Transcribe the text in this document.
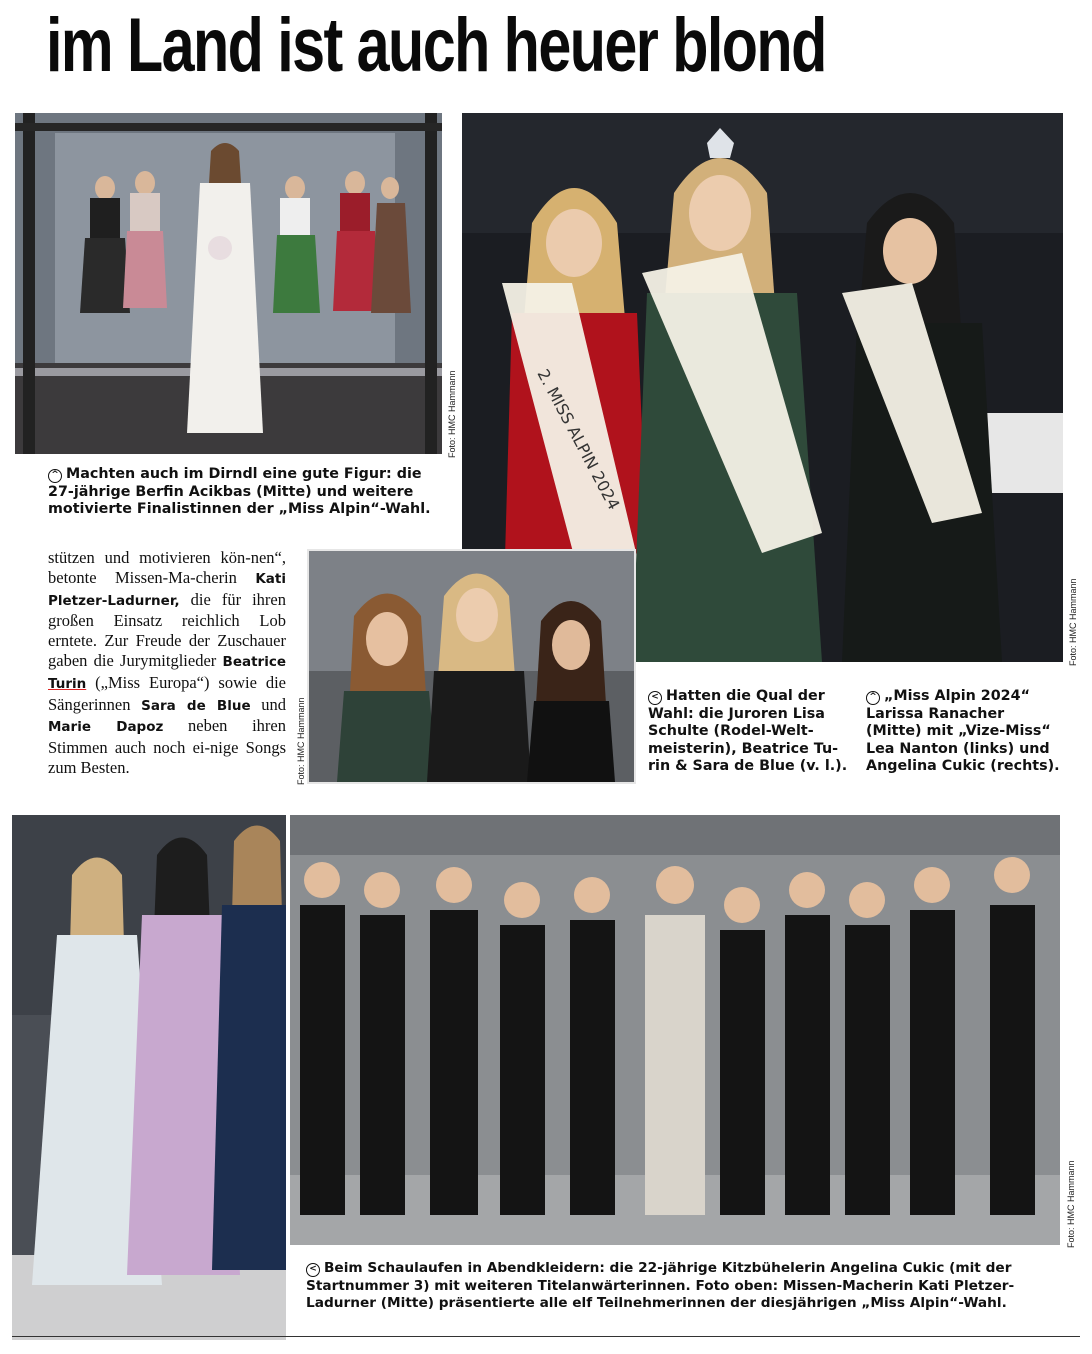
im Land ist auch heuer blond
Foto: HMC Hammann	2. MISS ALPIN 2024
Foto: HMC Hammann
^ Machten auch im Dirndl eine gute Figur: die
27-jährige Berfin Acikbas (Mitte) und weitere
motivierte Finalistinnen der „Miss Alpin“-Wahl.
stützen und motivieren kön-nen“, betonte Missen-Ma-cherin Kati Pletzer-Ladurner, die für ihren großen Einsatz reichlich Lob erntete. Zur Freude der Zuschauer gaben die Jurymitglieder Beatrice Turin („Miss Europa“) sowie die Sängerinnen Sara de Blue und Marie Dapoz neben ihren Stimmen auch noch ei-nige Songs zum Besten.	Foto: HMC Hammann
< Hatten die Qual der
Wahl: die Juroren Lisa
Schulte (Rodel-Welt-
meisterin), Beatrice Tu-
rin & Sara de Blue (v. l.).
^ „Miss Alpin 2024“
Larissa Ranacher
(Mitte) mit „Vize-Miss“
Lea Nanton (links) und
Angelina Cukic (rechts).
Foto: HMC Hammann
< Beim Schaulaufen in Abendkleidern: die 22-jährige Kitzbühelerin Angelina Cukic (mit der
Startnummer 3) mit weiteren Titelanwärterinnen. Foto oben: Missen-Macherin Kati Pletzer-
Ladurner (Mitte) präsentierte alle elf Teilnehmerinnen der diesjährigen „Miss Alpin“-Wahl.
